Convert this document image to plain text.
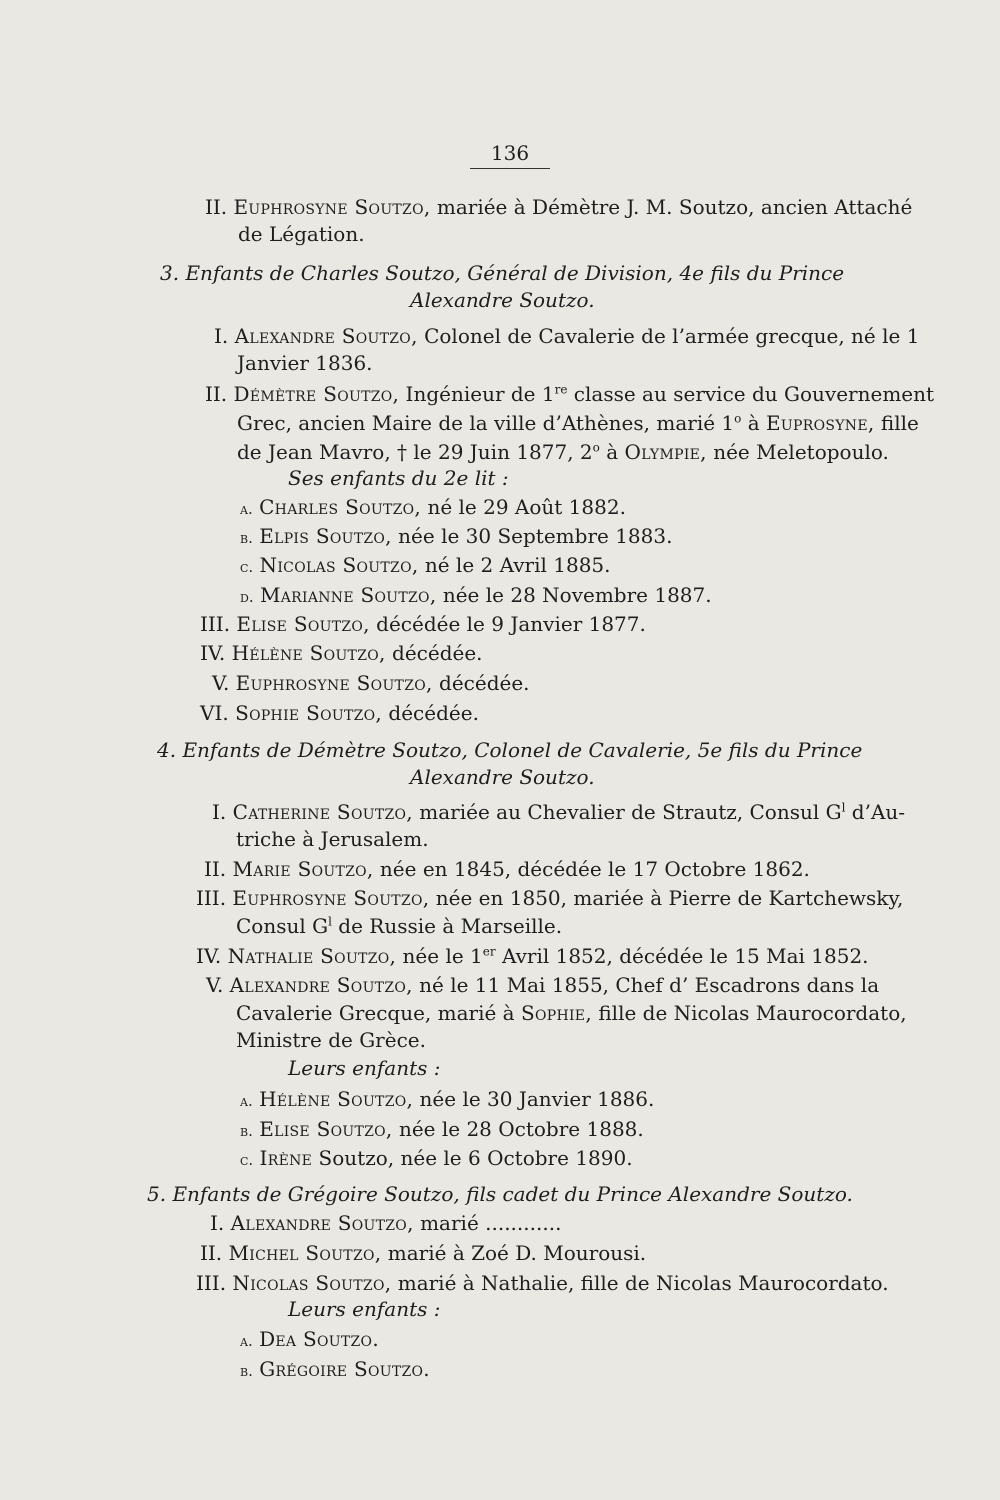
136
II. Euphrosyne Soutzo, mariée à Démètre J. M. Soutzo, ancien Attaché
de Légation.
3. Enfants de Charles Soutzo, Général de Division, 4e fils du Prince
Alexandre Soutzo.
I. Alexandre Soutzo, Colonel de Cavalerie de l’armée grecque, né le 1
Janvier 1836.
II. Démètre Soutzo, Ingénieur de 1re classe au service du Gouvernement
Grec, ancien Maire de la ville d’Athènes, marié 1$^o$ à Euprosyne, fille
de Jean Mavro, † le 29 Juin 1877, 2$^o$ à Olympie, née Meletopoulo.
Ses enfants du 2e lit :
a. Charles Soutzo, né le 29 Août 1882.
b. Elpis Soutzo, née le 30 Septembre 1883.
c. Nicolas Soutzo, né le 2 Avril 1885.
d. Marianne Soutzo, née le 28 Novembre 1887.
III. Elise Soutzo, décédée le 9 Janvier 1877.
IV. Hélène Soutzo, décédée.
V. Euphrosyne Soutzo, décédée.
VI. Sophie Soutzo, décédée.
4. Enfants de Démètre Soutzo, Colonel de Cavalerie, 5e fils du Prince
Alexandre Soutzo.
I. Catherine Soutzo, mariée au Chevalier de Strautz, Consul $G^l$ d’Au-
triche à Jerusalem.
II. Marie Soutzo, née en 1845, décédée le 17 Octobre 1862.
III. Euphrosyne Soutzo, née en 1850, mariée à Pierre de Kartchewsky,
Consul $G^l$ de Russie à Marseille.
IV. Nathalie Soutzo, née le 1er Avril 1852, décédée le 15 Mai 1852.
V. Alexandre Soutzo, né le 11 Mai 1855, Chef d’ Escadrons dans la
Cavalerie Grecque, marié à Sophie, fille de Nicolas Maurocordato,
Ministre de Grèce.
Leurs enfants :
a. Hélène Soutzo, née le 30 Janvier 1886.
b. Elise Soutzo, née le 28 Octobre 1888.
c. Irène Soutzo, née le 6 Octobre 1890.
5. Enfants de Grégoire Soutzo, fils cadet du Prince Alexandre Soutzo.
I. Alexandre Soutzo, marié ............
II. Michel Soutzo, marié à Zoé D. Mourousi.
III. Nicolas Soutzo, marié à Nathalie, fille de Nicolas Maurocordato.
Leurs enfants :
a. Dea Soutzo.
b. Grégoire Soutzo.
